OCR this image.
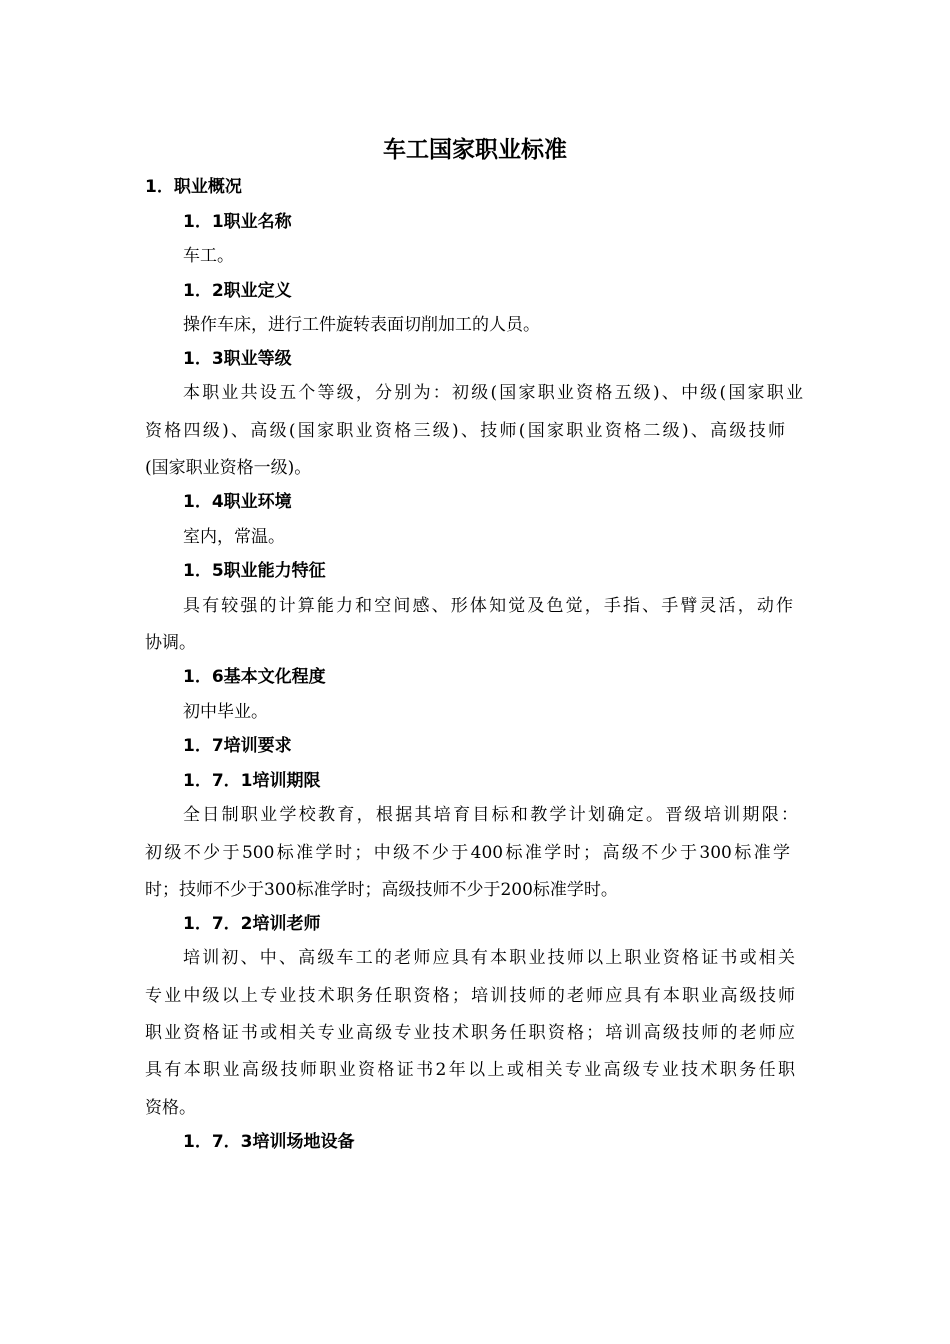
车工国家职业标准
1．职业概况
1．1职业名称
车工。
1．2职业定义
操作车床，进行工件旋转表面切削加工的人员。
1．3职业等级
本职业共设五个等级，分别为：初级(国家职业资格五级)、中级(国家职业
资格四级)、高级(国家职业资格三级)、技师(国家职业资格二级)、高级技师
(国家职业资格一级)。
1．4职业环境
室内，常温。
1．5职业能力特征
具有较强的计算能力和空间感、形体知觉及色觉，手指、手臂灵活，动作
协调。
1．6基本文化程度
初中毕业。
1．7培训要求
1．7．1培训期限
全日制职业学校教育，根据其培育目标和教学计划确定。晋级培训期限：
初级不少于500标准学时；中级不少于400标准学时；高级不少于300标准学
时；技师不少于300标准学时；高级技师不少于200标准学时。
1．7．2培训老师
培训初、中、高级车工的老师应具有本职业技师以上职业资格证书或相关
专业中级以上专业技术职务任职资格；培训技师的老师应具有本职业高级技师
职业资格证书或相关专业高级专业技术职务任职资格；培训高级技师的老师应
具有本职业高级技师职业资格证书2年以上或相关专业高级专业技术职务任职
资格。
1．7．3培训场地设备
